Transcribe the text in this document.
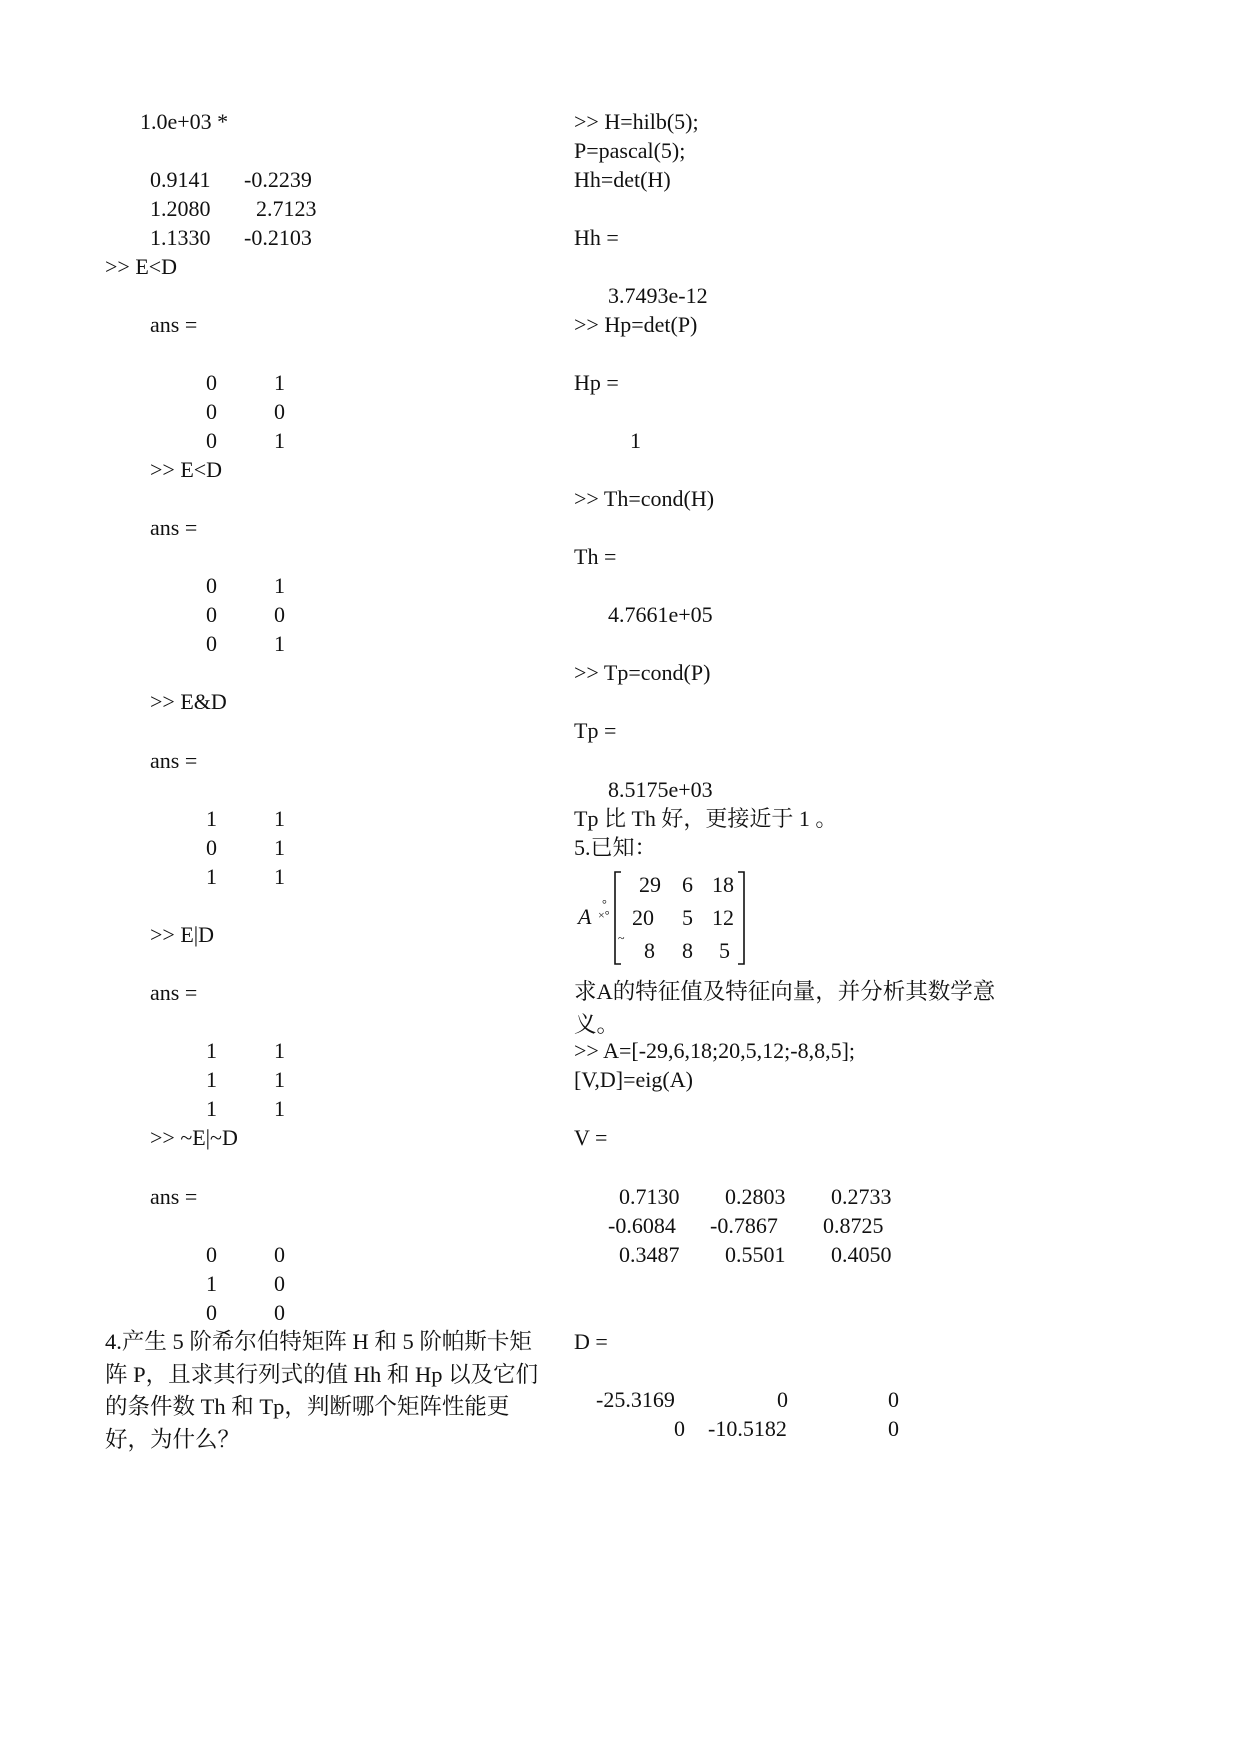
1.0e+03 *
0.9141 -0.2239
1.2080 2.7123
1.1330 -0.2103
>> E<D
ans =
0	1
0	0
0	1
>> E<D
ans =
0	1
0	0
0	1
>> E&D
ans =
1	1
0	1
1	1
>> E|D
ans =
1	1
1	1
1	1
>> ~E|~D
ans =
0	0
1	0
0	0
4.产生 5 阶希尔伯特矩阵 H 和 5 阶帕斯卡矩阵 P，且求其行列式的值 Hh 和 Hp 以及它们的条件数 Th 和 Tp，判断哪个矩阵性能更好，为什么？
>> H=hilb(5);
P=pascal(5);
Hh=det(H)
Hh =
3.7493e-12
>> Hp=det(P)
Hp =
1
>> Th=cond(H)
Th =
4.7661e+05
>> Tp=cond(P)
Tp =
8.5175e+03
Tp 比 Th 好，更接近于 1 。
5.已知：
A °
×°
~
29 6 18
20 5 12
8 8 5
求A的特征值及特征向量，并分析其数学意义。
>> A=[-29,6,18;20,5,12;-8,8,5];
[V,D]=eig(A)
V =
0.7130 0.2803 0.2733
-0.6084 -0.7867 0.8725
0.3487 0.5501 0.4050
D =
-25.3169	0	0
0 -10.5182	0
